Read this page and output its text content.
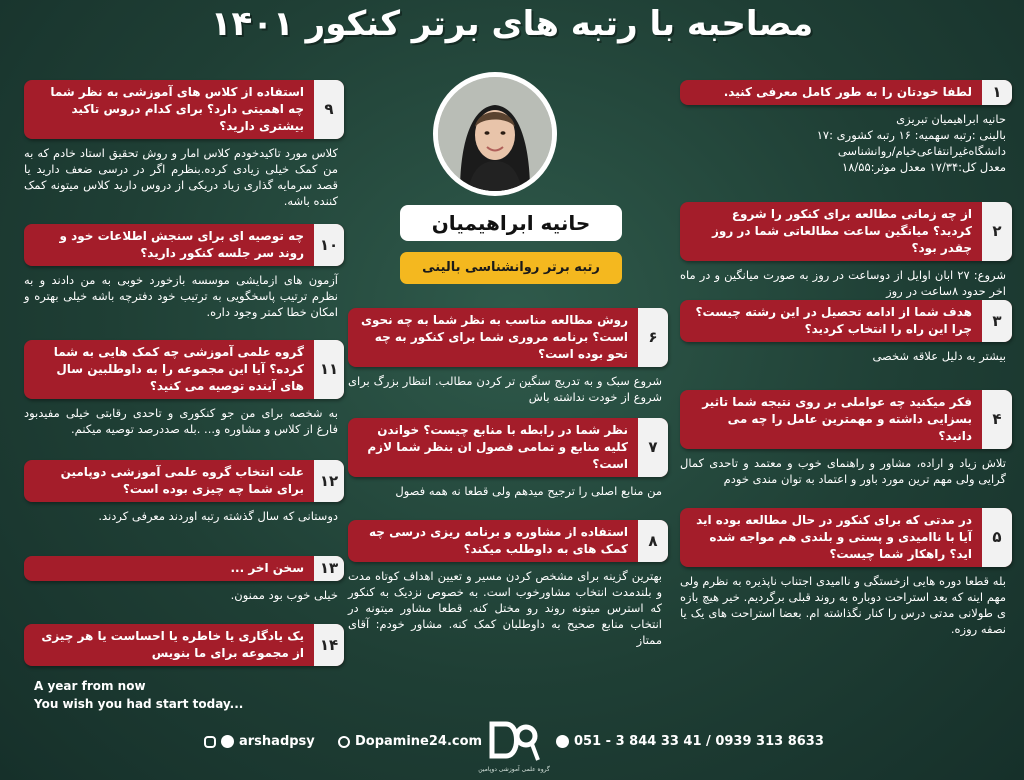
مصاحبه با رتبه های برتر کنکور ۱۴۰۱
لطفا خودتان را به طور کامل معرفی کنید.	۱
حانیه ابراهیمیان تبریزی
بالینی :رتبه سهمیه: ۱۶ رتبه کشوری :۱۷
دانشگاه‌غیرانتفاعی‌خیام/روانشناسی
معدل کل:۱۷/۳۴ معدل موثر:۱۸/۵۵
از چه زمانی مطالعه برای کنکور را شروع کردید؟ میانگین ساعت مطالعاتی شما در روز چقدر بود؟
۲
شروع: ۲۷ ابان اوایل از دوساعت در روز به صورت میانگین و در ماه اخر حدود ۸ساعت در روز
هدف شما از ادامه تحصیل در این رشته چیست؟ چرا این راه را انتخاب کردید؟	۳
بیشتر به دلیل علاقه شخصی
فکر میکنید چه عواملی بر روی نتیجه شما تاثیر بسزایی داشته و مهمترین عامل را چه می دانید؟
۴
تلاش زیاد و اراده، مشاور و راهنمای خوب و معتمد و تاحدی کمال گرایی ولی مهم ترین مورد باور و اعتماد به توان مندی خودم
در مدتی که برای کنکور در حال مطالعه بوده اید آیا با ناامیدی و پستی و بلندی هم مواجه شده اید؟ راهکار شما چیست؟
۵
بله قطعا دوره هایی ازخستگی و ناامیدی اجتناب ناپذیره به نظرم ولی مهم اینه که بعد استراحت دوباره به روند قبلی برگردیم. خیر هیچ بازه ی طولانی مدتی درس را کنار نگذاشته ام. بعضا استراحت های یک یا نصفه روزه.
روش مطالعه مناسب به نظر شما به چه نحوی است؟ برنامه مروری شما برای کنکور به چه نحو بوده است؟
۶
شروع سبک و به تدریج سنگین تر کردن مطالب. انتظار بزرگ برای شروع از خودت نداشته باش
نظر شما در رابطه با منابع چیست؟ خواندن کلیه منابع و تمامی فصول ان بنظر شما لازم است؟
۷
من منابع اصلی را ترجیح میدهم ولی قطعا نه همه فصول
استفاده از مشاوره و برنامه ریزی درسی چه کمک های به داوطلب میکند؟	۸
بهترین گزینه برای مشخص کردن مسیر و تعیین اهداف کوتاه مدت و بلندمدت انتخاب مشاورخوب است. به خصوص نزدیک به کنکور که استرس میتونه روند رو مختل کنه. قطعا مشاور میتونه در انتخاب منابع صحیح به داوطلبان کمک کنه. مشاور خودم: آقای ممتاز
استفاده از کلاس های آموزشی به نظر شما چه اهمیتی دارد؟ برای کدام دروس تاکید بیشتری دارید؟
۹
کلاس مورد تاکیدخودم کلاس امار و روش تحقیق استاد خادم که به من کمک خیلی زیادی کرده.بنظرم اگر در درسی ضعف دارید یا قصد سرمایه گذاری زیاد دریکی از دروس دارید کلاس میتونه کمک کننده باشه.
چه توصیه ای برای سنجش اطلاعات خود و روند سر جلسه کنکور دارید؟	۱۰
آزمون های ازمایشی موسسه بازخورد خوبی به من دادند و به نظرم ترتیب پاسخگویی به ترتیب خود دفترچه باشه خیلی بهتره و امکان خطا کمتر وجود داره.
گروه علمی آموزشی چه کمک هایی به شما کرده؟ آیا این مجموعه را به داوطلبین سال های آینده توصیه می کنید؟
۱۱
به شخصه برای من جو کنکوری و تاحدی رقابتی خیلی مفیدبود فارغ از کلاس و مشاوره و... .بله صددرصد توصیه میکنم.
علت انتخاب گروه علمی آموزشی دوپامین برای شما چه چیزی بوده است؟	۱۲
دوستانی که سال گذشته رتبه اوردند معرفی کردند.
سخن اخر ...	۱۳
خیلی خوب بود ممنون.
یک یادگاری یا خاطره یا احساست یا هر چیزی از مجموعه برای ما بنویس	۱۴
حانیه ابراهیمیان
رتبه برتر روانشناسی بالینی
A year from now
You wish you had start today...
arshadpsy	Dopamine24.com
گروه علمی آموزشی دوپامین
051 - 3 844 33 41 / 0939 313 8633
